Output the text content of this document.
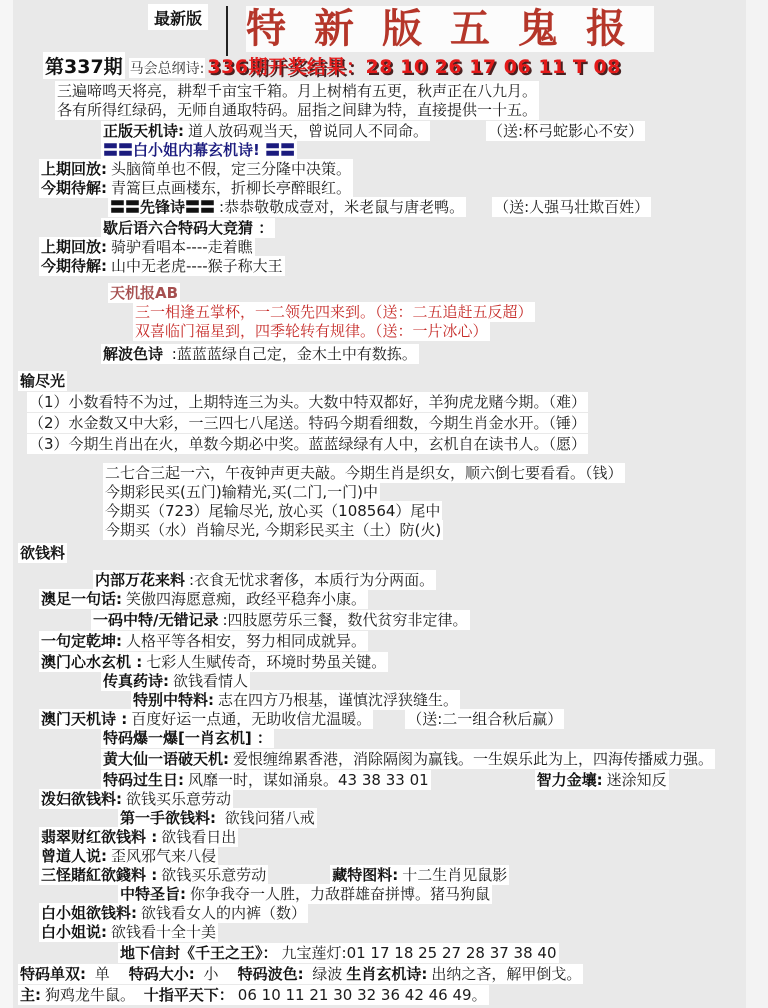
最新版 特新版五鬼报
第337期 马会总纲诗: 336期开奖结果：28 10 26 17 06 11 T 08
三遍啼鸣天将亮，耕犁千亩宝千箱。月上树梢有五更，秋声正在八九月。
各有所得红绿码，无师自通取特码。屈指之间肆为特，直接提供一十五。
正版天机诗: 道人放码观当天，曾说同人不同命。	（送:杯弓蛇影心不安）
〓〓白小姐内幕玄机诗! 〓〓
上期回放: 头脑简单也不假，定三分隆中决策。
今期待解: 青篙巨点画楼东，折柳长亭醉眼红。
〓〓先锋诗〓〓 :恭恭敬敬成壹对，米老鼠与唐老鸭。 （送:人强马壮欺百姓）
歇后语六合特码大竞猜 ：
上期回放: 骑驴看唱本----走着瞧
今期待解: 山中无老虎----猴子称大王
天机报AB
三一相逢五掌杯，一二领先四来到。（送：二五追赶五反超）
双喜临门福星到，四季轮转有规律。（送：一片冰心）
解波色诗 :蓝蓝蓝绿自己定，金木土中有数拣。
输尽光
（1）小数看特不为过，上期特连三为头。大数中特双都好，羊狗虎龙赌今期。（难）
（2）水金数又中大彩，一三四七八尾送。特码今期看细数，今期生肖金水开。（锤）
（3）今期生肖出在火，单数今期必中奖。蓝蓝绿绿有人中，玄机自在读书人。（愿）
二七合三起一六，午夜钟声更夫敲。今期生肖是织女，顺六倒七要看看。（钱）
今期彩民买(五门)输精光,买(二门,一门)中
今期买（723）尾输尽光, 放心买（108564）尾中
今期买（水）肖输尽光, 今期彩民买主（土）防(火)
欲钱料
内部万花来料 :衣食无忧求奢侈，本质行为分两面。
澳足一句话: 笑傲四海愿意痴，政经平稳奔小康。
一码中特/无错记录 :四肢愿劳乐三餐，数代贫穷非定律。
一句定乾坤: 人格平等各相安，努力相同成就异。
澳门心水玄机 : 七彩人生赋传奇，环境时势虽关键。
传真药诗: 欲钱看情人
特别中特料: 志在四方乃根基，谨慎沈浮狭缝生。
澳门天机诗 : 百度好运一点通，无助收信尤温暖。 （送:二一组合秋后赢）
特码爆一爆[一肖玄机] ：
黄大仙一语破天机: 爱恨缠绵累香港，消除隔阂为赢钱。一生娱乐此为上，四海传播威力强。
特码过生日: 风靡一时，谋如涌泉。43 38 33 01	智力金壤: 迷涂知反
泼妇欲钱料: 欲钱买乐意劳动
第一手欲钱料: 欲钱问猪八戒
翡翠财红欲钱料 : 欲钱看日出
曾道人说: 歪风邪气来八侵
三怪賭紅欲錢料 : 欲钱买乐意劳动	藏特图料: 十二生肖见鼠影
中特圣旨: 你争我夺一人胜，力敌群雄奋拼博。猪马狗鼠
白小姐欲钱料: 欲钱看女人的内裤（数）
白小姐说: 欲钱看十全十美
地下信封《千王之王》： 九宝莲灯:01 17 18 25 27 28 37 38 40
特码单双: 单　特码大小: 小　特码波色: 绿波 生肖玄机诗: 出纳之吝，解甲倒戈。
主: 狗鸡龙牛鼠。 十指平天下： 06 10 11 21 30 32 36 42 46 49。
